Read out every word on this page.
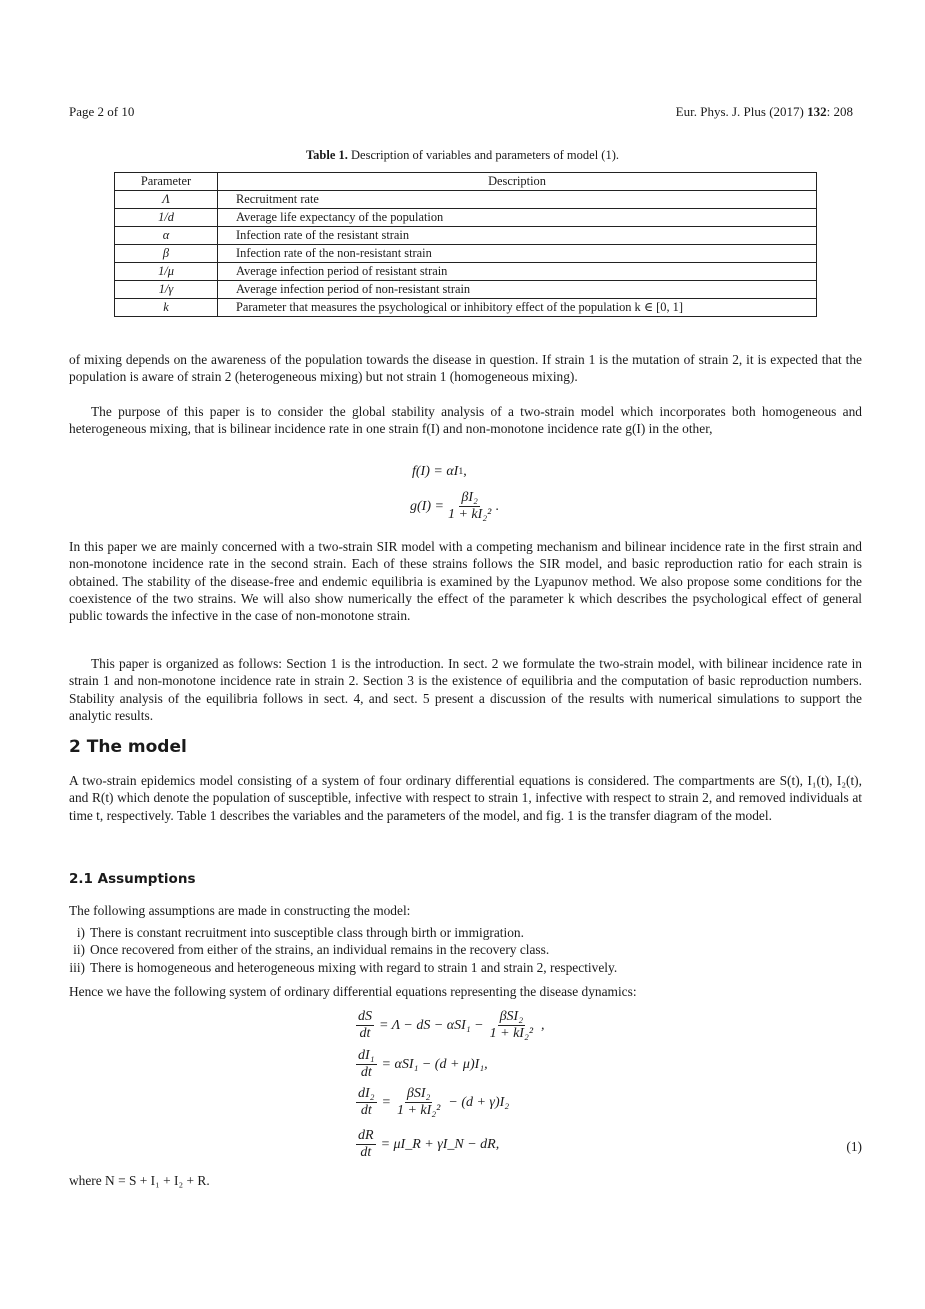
Page 2 of 10	Eur. Phys. J. Plus (2017) 132: 208
Table 1. Description of variables and parameters of model (1).
Parameter	Description
Λ	Recruitment rate
1/d	Average life expectancy of the population
α	Infection rate of the resistant strain
β	Infection rate of the non-resistant strain
1/μ	Average infection period of resistant strain
1/γ	Average infection period of non-resistant strain
k	Parameter that measures the psychological or inhibitory effect of the population k ∈ [0, 1]
of mixing depends on the awareness of the population towards the disease in question. If strain 1 is the mutation of strain 2, it is expected that the population is aware of strain 2 (heterogeneous mixing) but not strain 1 (homogeneous mixing).
The purpose of this paper is to consider the global stability analysis of a two-strain model which incorporates both homogeneous and heterogeneous mixing, that is bilinear incidence rate in one strain f(I) and non-monotone incidence rate g(I) in the other,
f(I) = αI 1 ,
$g(I) = \frac{\text{βI₂}}{\text{1 + kI₂²}}$ .
In this paper we are mainly concerned with a two-strain SIR model with a competing mechanism and bilinear incidence rate in the first strain and non-monotone incidence rate in the second strain. Each of these strains follows the SIR model, and basic reproduction ratio for each strain is obtained. The stability of the disease-free and endemic equilibria is examined by the Lyapunov method. We also propose some conditions for the coexistence of the two strains. We will also show numerically the effect of the parameter k which describes the psychological effect of general public towards the infective in the case of non-monotone strain.
This paper is organized as follows: Section 1 is the introduction. In sect. 2 we formulate the two-strain model, with bilinear incidence rate in strain 1 and non-monotone incidence rate in strain 2. Section 3 is the existence of equilibria and the computation of basic reproduction numbers. Stability analysis of the equilibria follows in sect. 4, and sect. 5 present a discussion of the results with numerical simulations to support the analytic results.
2 The model
A two-strain epidemics model consisting of a system of four ordinary differential equations is considered. The compartments are S(t), I₁(t), I₂(t), and R(t) which denote the population of susceptible, infective with respect to strain 1, infective with respect to strain 2, and removed individuals at time t, respectively. Table 1 describes the variables and the parameters of the model, and fig. 1 is the transfer diagram of the model.
2.1 Assumptions
The following assumptions are made in constructing the model:
i) There is constant recruitment into susceptible class through birth or immigration.
ii) Once recovered from either of the strains, an individual remains in the recovery class.
iii) There is homogeneous and heterogeneous mixing with regard to strain 1 and strain 2, respectively.
Hence we have the following system of ordinary differential equations representing the disease dynamics:
$\frac{dS}{dt} = \Lambda$ − dS − $\alpha SI_1 - \frac{\text{βSI₂}}{\text{1 + kI₂²}}$ ,
$\frac{\text{dI₁}}{dt} = \alpha SI_1 - (d + \mu)I_1$,
$\frac{\text{dI₂}}{dt} = \frac{\text{βSI₂}}{\text{1 + kI₂²}} - (d + \gamma)I_2$
$\frac{dR}{dt}$ = μI_R + γI_N − dR,	(1)
where N = S + I₁ + I₂ + R.
